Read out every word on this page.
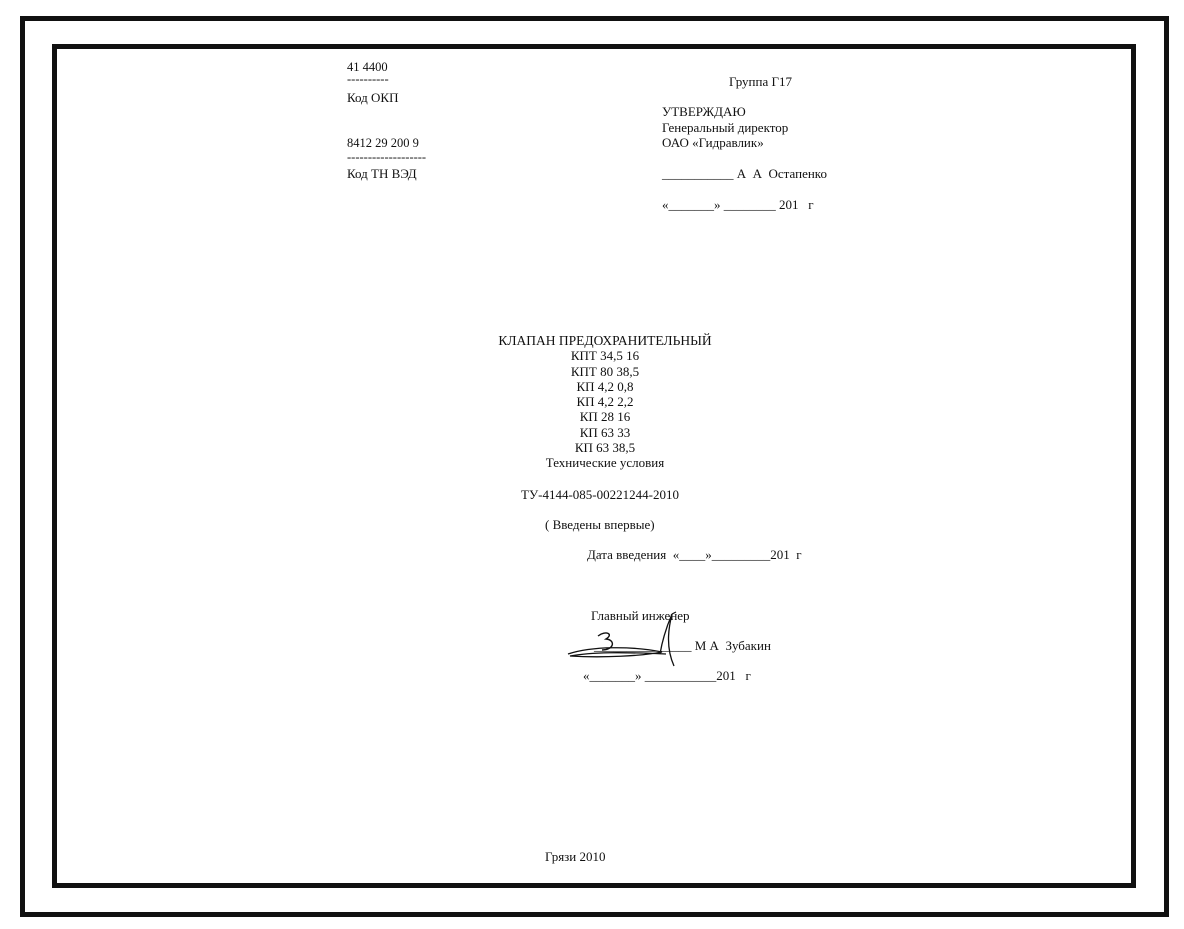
41 4400
----------
Код ОКП
8412 29 200 9
-------------------
Код ТН ВЭД
Группа Г17
УТВЕРЖДАЮ
Генеральный директор
ОАО «Гидравлик»
___________ А  А  Остапенко
«_______» ________ 201   г
КЛАПАН ПРЕДОХРАНИТЕЛЬНЫЙ
КПТ 34,5 16
КПТ 80 38,5
КП 4,2 0,8
КП 4,2 2,2
КП 28 16
КП 63 33
КП 63 38,5
Технические условия
ТУ-4144-085-00221244-2010
( Введены впервые)
Дата введения  «____»_________201  г
Главный инженер
_______________ М А  Зубакин
«_______» ___________201   г
Грязи 2010
